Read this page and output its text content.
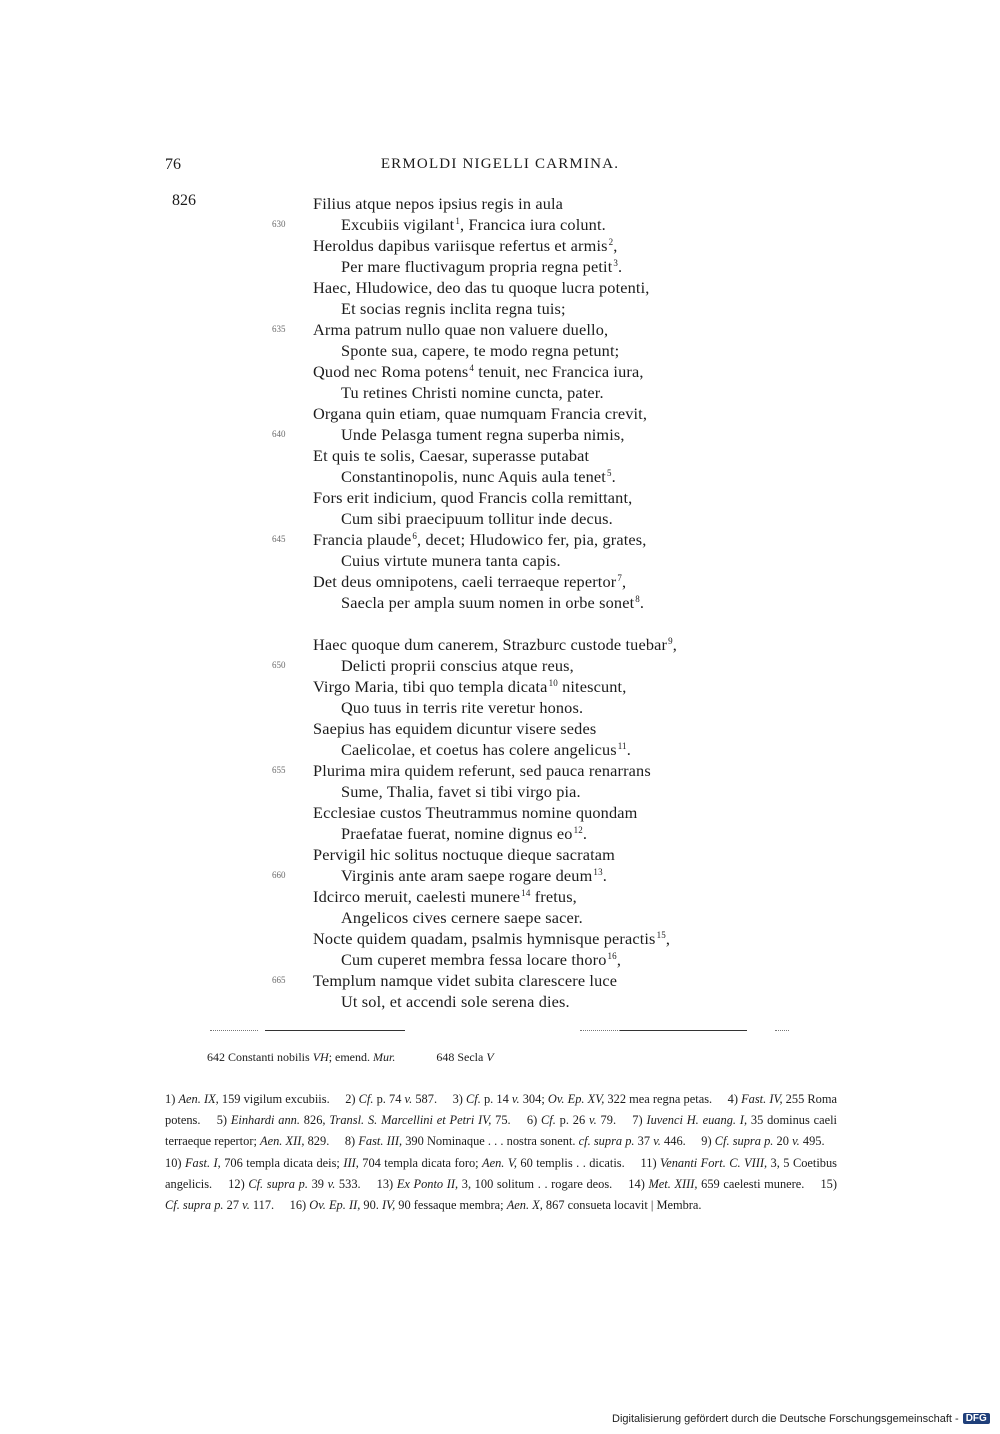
76	ERMOLDI NIGELLI CARMINA.
826	Filius atque nepos ipsius regis in aula
Excubiis vigilant$^1$, Francica iura colunt.
630
Heroldus dapibus variisque refertus et armis$^2$,
Per mare fluctivagum propria regna petit$^3$.
Haec, Hludowice, deo das tu quoque lucra potenti,
Et socias regnis inclita regna tuis;
Arma patrum nullo quae non valuere duello,
635
Sponte sua, capere, te modo regna petunt;
Quod nec Roma potens$^4$ tenuit, nec Francica iura,
Tu retines Christi nomine cuncta, pater.
Organa quin etiam, quae numquam Francia crevit,
Unde Pelasga tument regna superba nimis,
640
Et quis te solis, Caesar, superasse putabat
Constantinopolis, nunc Aquis aula tenet$^5$.
Fors erit indicium, quod Francis colla remittant,
Cum sibi praecipuum tollitur inde decus.
Francia plaude$^6$, decet; Hludowico fer, pia, grates,
645
Cuius virtute munera tanta capis.
Det deus omnipotens, caeli terraeque repertor$^7$,
Saecla per ampla suum nomen in orbe sonet$^8$.
Haec quoque dum canerem, Strazburc custode tuebar$^9$,
Delicti proprii conscius atque reus,
650
Virgo Maria, tibi quo templa dicata$^{10}$ nitescunt,
Quo tuus in terris rite veretur honos.
Saepius has equidem dicuntur visere sedes
Caelicolae, et coetus has colere angelicus$^{11}$.
Plurima mira quidem referunt, sed pauca renarrans
655
Sume, Thalia, favet si tibi virgo pia.
Ecclesiae custos Theutrammus nomine quondam
Praefatae fuerat, nomine dignus $eo^{12}$.
Pervigil hic solitus noctuque dieque sacratam
Virginis ante aram saepe rogare deum$^{13}$.
660
Idcirco meruit, caelesti munere$^{14}$ fretus,
Angelicos cives cernere saepe sacer.
Nocte quidem quadam, psalmis hymnisque peractis$^{15}$,
Cum cuperet membra fessa locare thoro$^{16}$,
Templum namque videt subita clarescere luce
665
Ut sol, et accendi sole serena dies.
642 Constanti nobilis VH; emend. Mur.	648 Secla V
1) Aen. IX, 159 vigilum excubiis.  2) Cf. p. 74 v. 587.  3) Cf. p. 14 v. 304; Ov. Ep. XV, 322 mea regna petas.  4) Fast. IV, 255 Roma potens.  5) Einhardi ann. 826, Transl. S. Marcellini et Petri IV, 75.  6) Cf. p. 26 v. 79.  7) Iuvenci H. euang. I, 35 dominus caeli terraeque repertor; Aen. XII, 829.  8) Fast. III, 390 Nominaque . . . nostra sonent. cf. supra p. 37 v. 446.  9) Cf. supra p. 20 v. 495.  10) Fast. I, 706 templa dicata deis; III, 704 templa dicata foro; Aen. V, 60 templis . . dicatis.  11) Venanti Fort. C. VIII, 3, 5 Coetibus angelicis.  12) Cf. supra p. 39 v. 533.  13) Ex Ponto II, 3, 100 solitum . . rogare deos.  14) Met. XIII, 659 caelesti munere.  15) Cf. supra p. 27 v. 117.  16) Ov. Ep. II, 90. IV, 90 fessaque membra; Aen. X, 867 consueta locavit | Membra. 
Digitalisierung gefördert durch die Deutsche Forschungsgemeinschaft - DFG
